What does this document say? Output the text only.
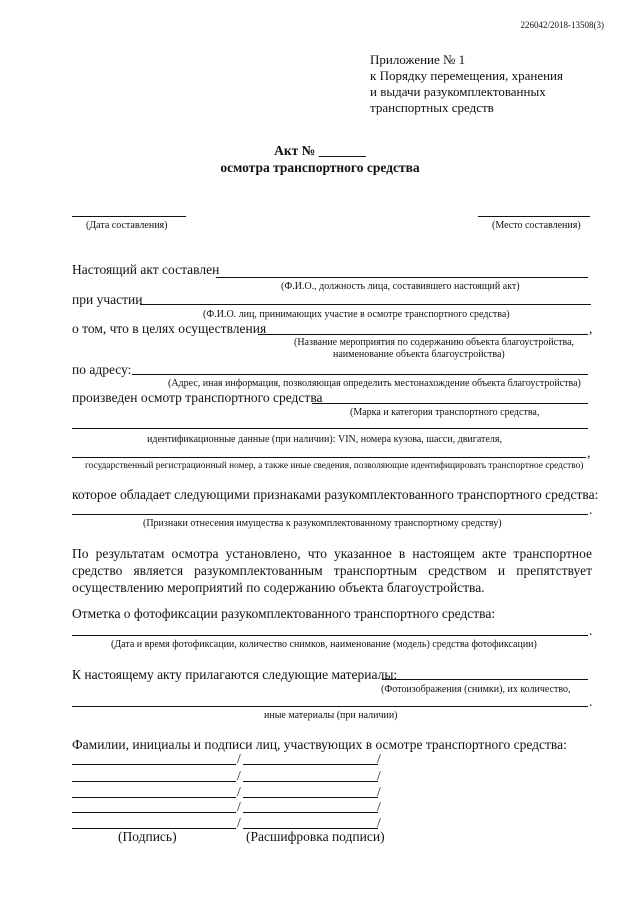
226042/2018-13508(3)
Приложение № 1
к Порядку перемещения, хранения
и выдачи разукомплектованных
транспортных средств
Акт № _______
осмотра транспортного средства
(Дата составления)	(Место составления)
Настоящий акт составлен
(Ф.И.О., должность лица, составившего настоящий акт)
при участии
(Ф.И.О. лиц, принимающих участие в осмотре транспортного средства)
о том, что в целях осуществления	,
(Название мероприятия по содержанию объекта благоустройства,
наименование объекта благоустройства)
по адресу:
(Адрес, иная информация, позволяющая определить местонахождение объекта благоустройства)
произведен осмотр транспортного средства
(Марка и категория транспортного средства,
идентификационные данные (при наличии): VIN, номера кузова, шасси, двигателя,
,
государственный регистрационный номер, а также иные сведения, позволяющие идентифицировать транспортное средство)
которое обладает следующими признаками разукомплектованного транспортного средства:
.
(Признаки отнесения имущества к разукомплектованному транспортному средству)
По результатам осмотра установлено, что указанное в настоящем акте транспортное средство является разукомплектованным транспортным средством и препятствует осуществлению мероприятий по содержанию объекта благоустройства.
Отметка о фотофиксации разукомплектованного транспортного средства:
.
(Дата и время фотофиксации, количество снимков, наименование (модель) средства фотофиксации)
К настоящему акту прилагаются следующие материалы:
(Фотоизображения (снимки), их количество,
.
иные материалы (при наличии)
Фамилии, инициалы и подписи лиц, участвующих в осмотре транспортного средства:
/	/
/	/
/	/
/	/
/	/
(Подпись)	(Расшифровка подписи)
